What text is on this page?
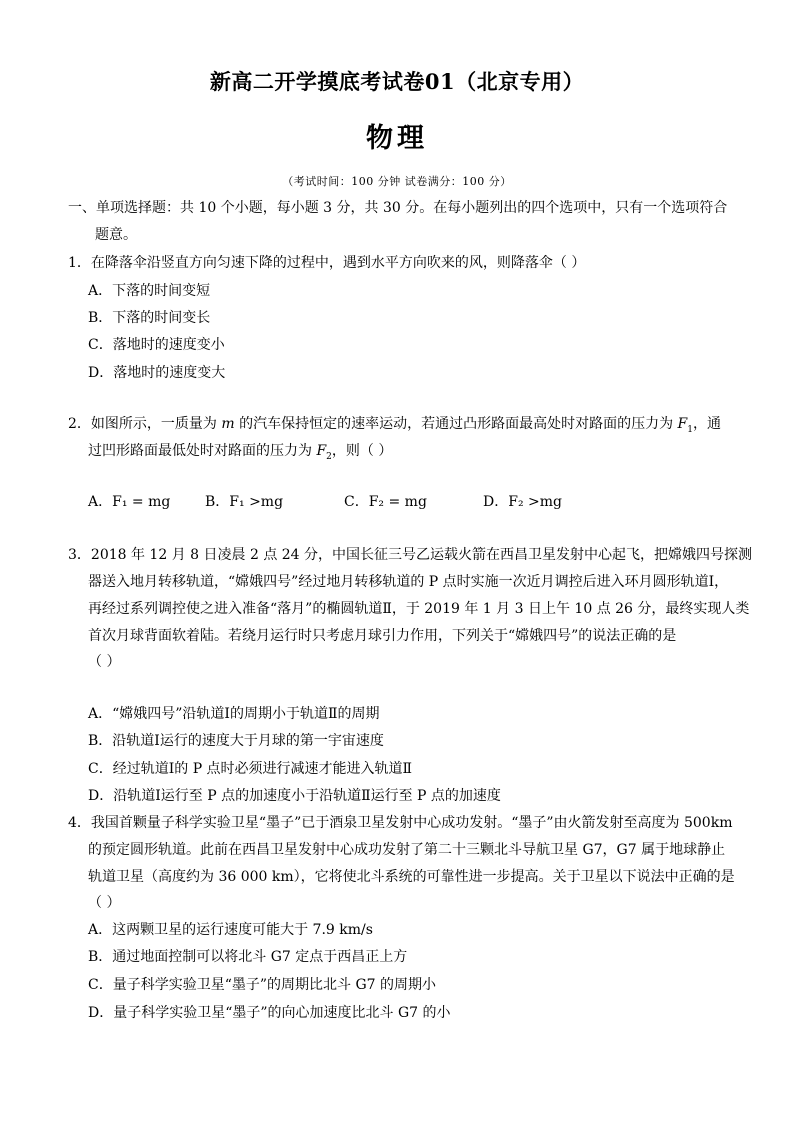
新高二开学摸底考试卷01（北京专用）
物理
（考试时间：100 分钟 试卷满分：100 分）
一、单项选择题：共 10 个小题，每小题 3 分，共 30 分。在每小题列出的四个选项中，只有一个选项符合
题意。
1．在降落伞沿竖直方向匀速下降的过程中，遇到水平方向吹来的风，则降落伞（ ）
A．下落的时间变短
B．下落的时间变长
C．落地时的速度变小
D．落地时的速度变大
2．如图所示，一质量为 m 的汽车保持恒定的速率运动，若通过凸形路面最高处时对路面的压力为 $F_1$，通
过凹形路面最低处时对路面的压力为 $F_2$，则（ ）
A．F₁ = mg B．F₁ >mg	C．F₂ = mg	D．F₂ >mg
3．2018 年 12 月 8 日凌晨 2 点 24 分，中国长征三号乙运载火箭在西昌卫星发射中心起飞，把嫦娥四号探测
器送入地月转移轨道，“嫦娥四号”经过地月转移轨道的 P 点时实施一次近月调控后进入环月圆形轨道Ⅰ，
再经过系列调控使之进入准备“落月”的椭圆轨道Ⅱ，于 2019 年 1 月 3 日上午 10 点 26 分，最终实现人类
首次月球背面软着陆。若绕月运行时只考虑月球引力作用，下列关于“嫦娥四号”的说法正确的是
（ ）
A．“嫦娥四号”沿轨道Ⅰ的周期小于轨道Ⅱ的周期
B．沿轨道Ⅰ运行的速度大于月球的第一宇宙速度
C．经过轨道Ⅰ的 P 点时必须进行减速才能进入轨道Ⅱ
D．沿轨道Ⅰ运行至 P 点的加速度小于沿轨道Ⅱ运行至 P 点的加速度
4．我国首颗量子科学实验卫星“墨子”已于酒泉卫星发射中心成功发射。“墨子”由火箭发射至高度为 500km
的预定圆形轨道。此前在西昌卫星发射中心成功发射了第二十三颗北斗导航卫星 G7，G7 属于地球静止
轨道卫星（高度约为 36 000 km），它将使北斗系统的可靠性进一步提高。关于卫星以下说法中正确的是
（ ）
A．这两颗卫星的运行速度可能大于 7.9 km/s
B．通过地面控制可以将北斗 G7 定点于西昌正上方
C．量子科学实验卫星“墨子”的周期比北斗 G7 的周期小
D．量子科学实验卫星“墨子”的向心加速度比北斗 G7 的小
